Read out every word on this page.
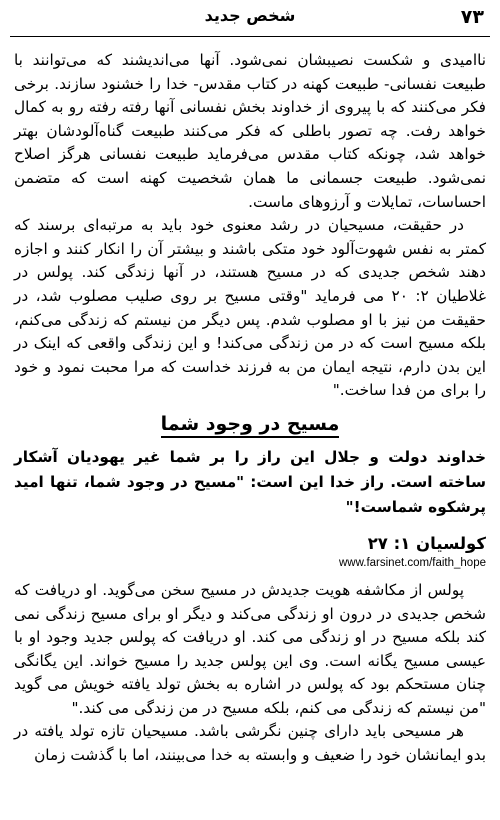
۷۳
شخص جدید

ناامیدی و شکست نصیبشان نمی‌شود. آنها می‌اندیشند که می‌توانند با طبیعت نفسانی- طبیعت کهنه در کتاب مقدس- خدا را خشنود سازند. برخی فکر می‌کنند که با پیروی از خداوند بخش نفسانی آنها رفته رفته رو به کمال خواهد رفت. چه تصور باطلی که فکر می‌کنند طبیعت گناه‌آلودشان بهتر خواهد شد، چونکه کتاب مقدس می‌فرماید طبیعت نفسانی هرگز اصلاح نمی‌شود. طبیعت جسمانی ما همان شخصیت کهنه است که متضمن احساسات، تمایلات و آرزوهای ماست.

در حقیقت، مسیحیان در رشد معنوی خود باید به مرتبه‌ای برسند که کمتر به نفس شهوت‌آلود خود متکی باشند و بیشتر آن را انکار کنند و اجازه دهند شخص جدیدی که در مسیح هستند، در آنها زندگی کند. پولس در غلاطیان ۲: ۲۰ می فرماید "وقتی مسیح بر روی صلیب مصلوب شد، در حقیقت من نیز با او مصلوب شدم. پس دیگر من نیستم که زندگی می‌کنم، بلکه مسیح است که در من زندگی می‌کند! و این زندگی واقعی که اینک در این بدن دارم، نتیجه ایمان من به فرزند خداست که مرا محبت نمود و خود را برای من فدا ساخت."

مسیح در وجود شما
خداوند دولت و جلال این راز را بر شما غیر یهودیان آشکار ساخته است. راز خدا این است: "مسیح در وجود شما، تنها امید پرشکوه شماست!"
کولسیان ۱: ۲۷
www.farsinet.com/faith_hope

پولس از مکاشفه هویت جدیدش در مسیح سخن می‌گوید. او دریافت که شخص جدیدی در درون او زندگی می‌کند و دیگر او برای مسیح زندگی نمی کند بلکه مسیح در او زندگی می کند. او دریافت که پولس جدید وجود او با عیسی مسیح یگانه است. وی این پولس جدید را مسیح خواند. این یگانگی چنان مستحکم بود که پولس در اشاره به بخش تولد یافته خویش می گوید "من نیستم که زندگی می کنم، بلکه مسیح در من زندگی می کند."

هر مسیحی باید دارای چنین نگرشی باشد. مسیحیان تازه تولد یافته در بدو ایمانشان خود را ضعیف و وابسته به خدا می‌بینند، اما با گذشت زمان
